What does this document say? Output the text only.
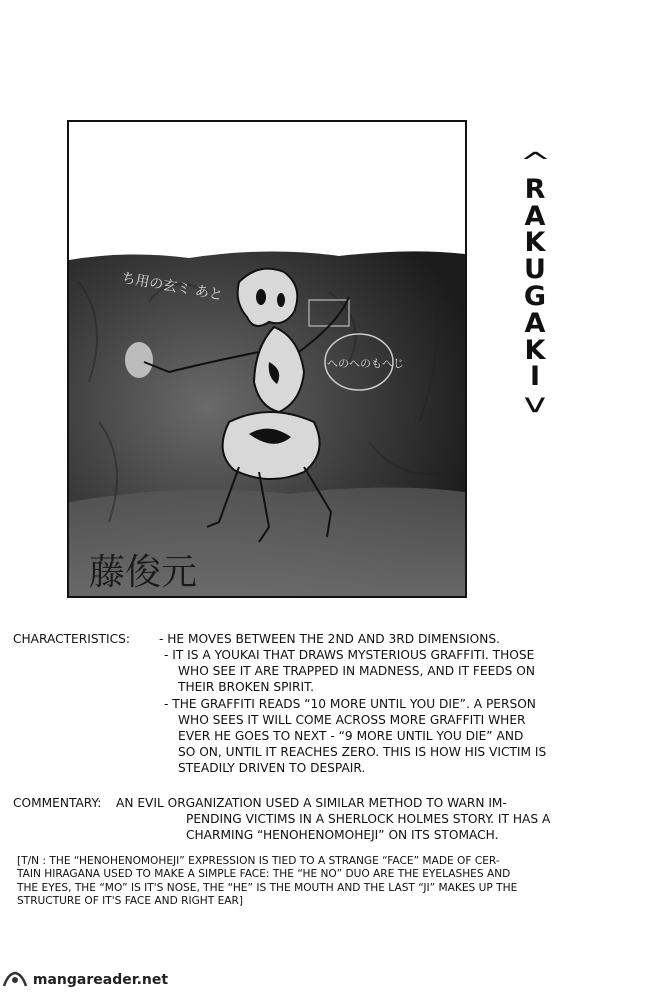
ち用の玄ミ あと
へのへのもへじ
藤俊元
^
R
A
K
U
G
A
K
I
v
CHARACTERISTICS: - HE MOVES BETWEEN THE 2ND AND 3RD DIMENSIONS.
- IT IS A YOUKAI THAT DRAWS MYSTERIOUS GRAFFITI. THOSE
WHO SEE IT ARE TRAPPED IN MADNESS, AND IT FEEDS ON
THEIR BROKEN SPIRIT.
- THE GRAFFITI READS “10 MORE UNTIL YOU DIE”. A PERSON
WHO SEES IT WILL COME ACROSS MORE GRAFFITI WHER
EVER HE GOES TO NEXT - “9 MORE UNTIL YOU DIE” AND
SO ON, UNTIL IT REACHES ZERO. THIS IS HOW HIS VICTIM IS
STEADILY DRIVEN TO DESPAIR.
COMMENTARY: AN EVIL ORGANIZATION USED A SIMILAR METHOD TO WARN IM-
PENDING VICTIMS IN A SHERLOCK HOLMES STORY. IT HAS A
CHARMING “HENOHENOMOHEJI” ON ITS STOMACH.
[T/N : THE “HENOHENOMOHEJI” EXPRESSION IS TIED TO A STRANGE “FACE” MADE OF CER-
TAIN HIRAGANA USED TO MAKE A SIMPLE FACE: THE “HE NO” DUO ARE THE EYELASHES AND
THE EYES, THE “MO” IS IT'S NOSE, THE “HE” IS THE MOUTH AND THE LAST “JI” MAKES UP THE
STRUCTURE OF IT'S FACE AND RIGHT EAR]
mangareader.net
